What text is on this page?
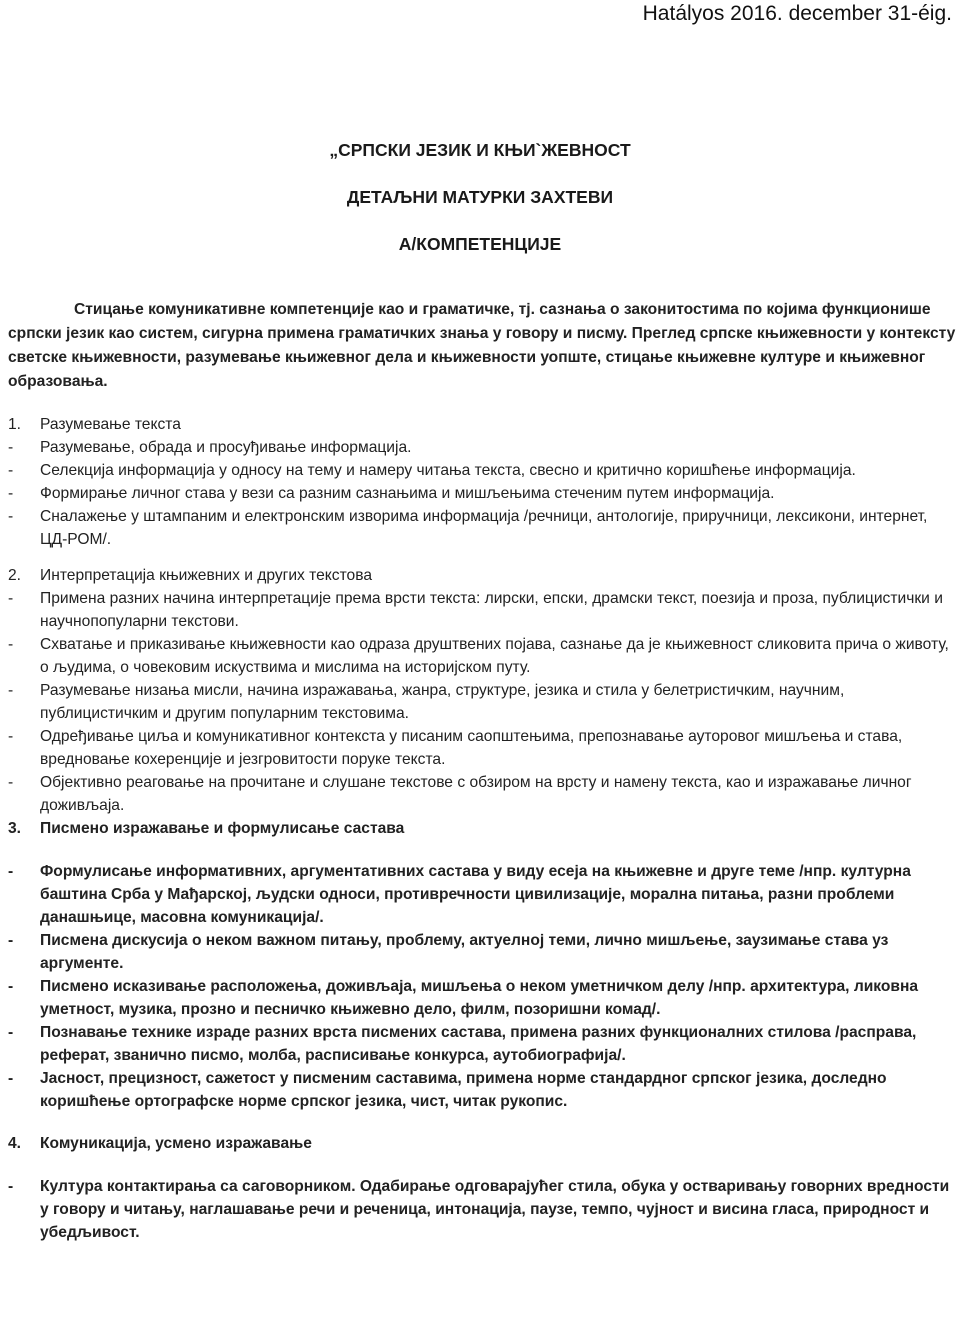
Hatályos 2016. december 31-éig.

„СРПСКИ ЈЕЗИК И КЊИ`ЖЕВНОСТ

ДЕТАЉНИ МАТУРКИ ЗАХТЕВИ

А/КОМПЕТЕНЦИЈЕ

Стицање комуникативне компетенције као и граматичке, тј. сазнања о законитостима по којима функционише српски језик као систем, сигурна примена граматичких знања у говору и писму. Преглед српске књижевности у контексту светске књижевности, разумевање књижевног дела и књижевности уопште, стицање књижевне културе и књижевног образовања.

1.	Разумевање текста
-	Разумевање, обрада и просуђивање информација.
-	Селекција информација у односу на тему и намеру читања текста, свесно и критично коришћење информација.
-	Формирање личног става у вези са разним сазнањима и мишљењима стеченим путем информација.
-	Сналажење у штампаним и електронским изворима информација /речници, антологије, приручници, лексикони, интернет, ЦД-РОМ/.
2.	Интерпретација књижевних и других текстова
-	Примена разних начина интерпретације према врсти текста: лирски, епски, драмски текст, поезија и проза, публицистички и научнопопуларни текстови.
-	Схватање и приказивање књижевности као одраза друштвених појава, сазнање да је књижевност сликовита прича о животу, о људима, о човековим искуствима и мислима на историјском путу.
-	Разумевање низања мисли, начина изражавања, жанра, структуре, језика и стила у белетристичким, научним, публицистичким и другим популарним текстовима.
-	Одређивање циља и комуникативног контекста у писаним саопштењима, препознавање ауторовог мишљења и става, вредновање кохеренције и језгровитости поруке текста.
-	Објективно реаговање на прочитане и слушане текстове с обзиром на врсту и намену текста, као и изражавање личног доживљаја.
3.	Писмено изражавање и формулисање састава
-	Формулисање информативних, аргументативних састава у виду есеја на књижевне и друге теме /нпр. културна баштина Срба у Мађарској, људски односи, противречности цивилизације, морална питања, разни проблеми данашњице, масовна комуникација/.
-	Писмена дискусија о неком важном питању, проблему, актуелној теми, лично мишљење, заузимање става уз аргументе.
-	Писмено исказивање расположења, доживљаја, мишљења о неком уметничком делу /нпр. архитектура, ликовна уметност, музика, прозно и песничко књижевно дело, филм, позоришни комад/.
-	Познавање технике израде разних врста писмених састава, примена разних функционалних стилова /расправа, реферат, званично писмо, молба, расписивање конкурса, аутобиографија/.
-	Јасност, прецизност, сажетост у писменим саставима, примена норме стандардног српског језика, доследно коришћење ортографске норме српског језика, чист, читак рукопис.
4.	Комуникација, усмено изражавање
-	Култура контактирања са саговорником. Одабирање одговарајућег стила, обука у остваривању говорних вредности у говору и читању, наглашавање речи и реченица, интонација, паузе, темпо, чујност и висина гласа, природност и убедљивост.
